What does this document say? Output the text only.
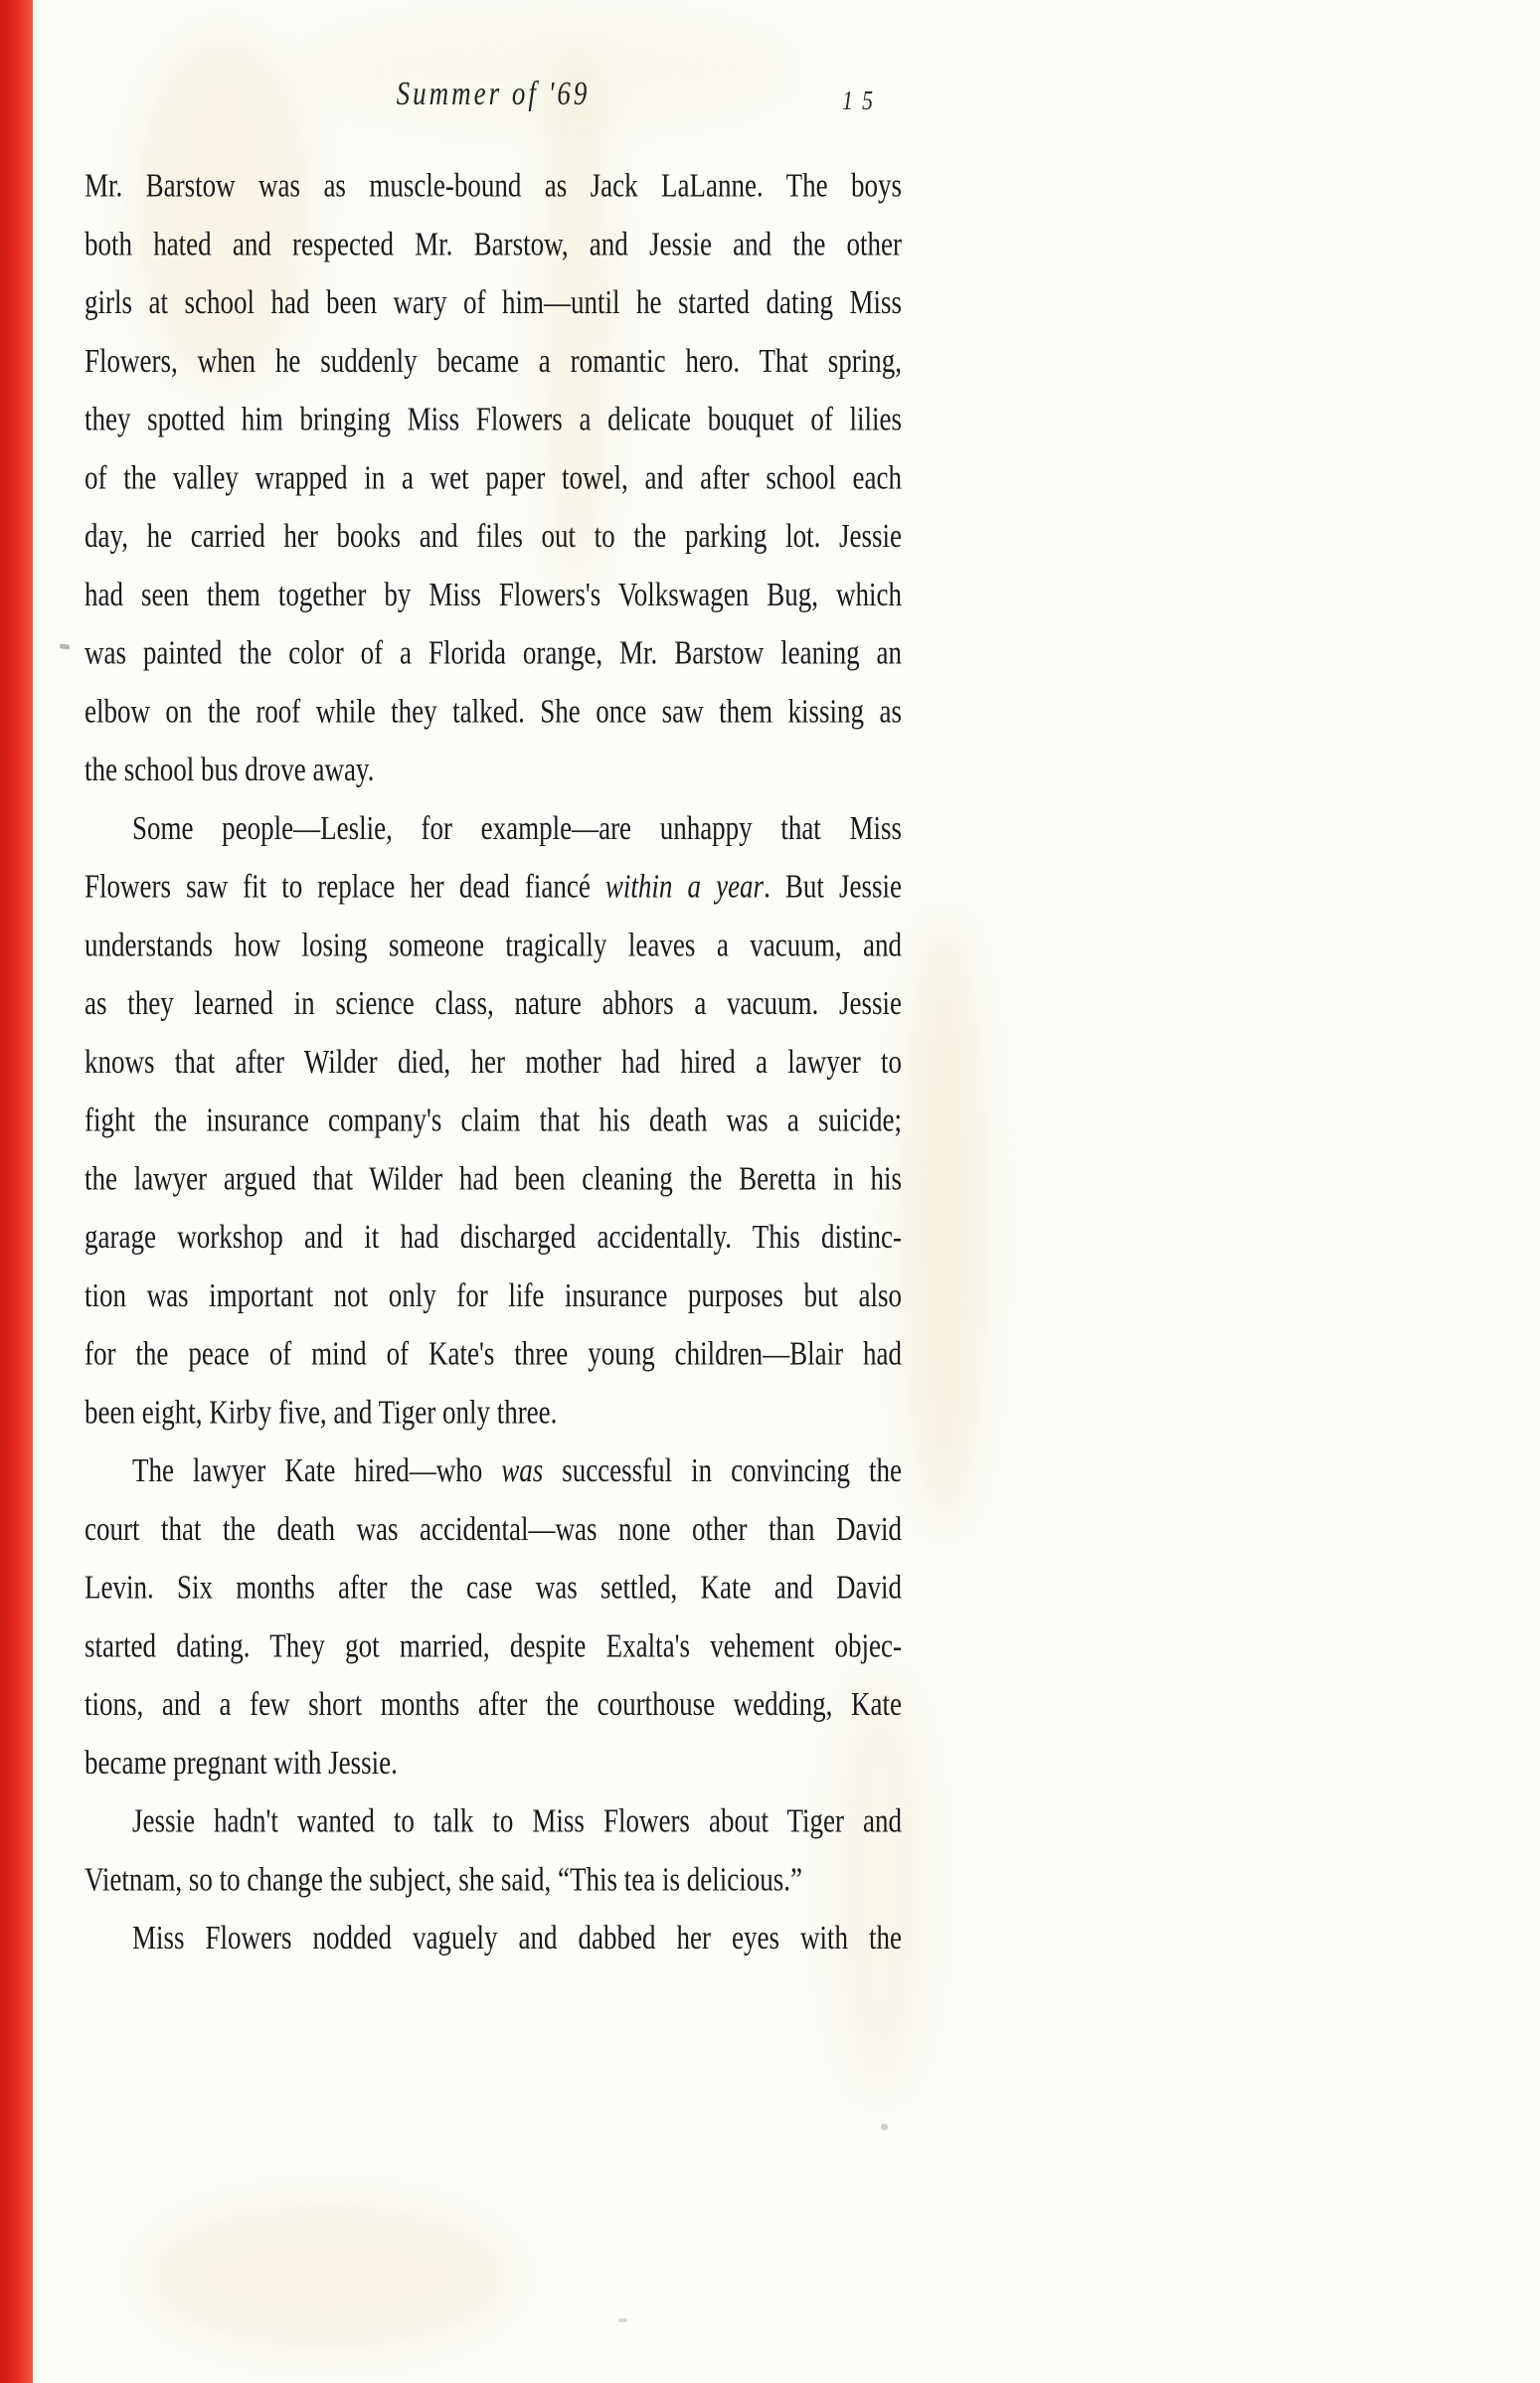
Summer of '69	15
Mr. Barstow was as muscle-bound as Jack LaLanne. The boys
both hated and respected Mr. Barstow, and Jessie and the other
girls at school had been wary of him—until he started dating Miss
Flowers, when he suddenly became a romantic hero. That spring,
they spotted him bringing Miss Flowers a delicate bouquet of lilies
of the valley wrapped in a wet paper towel, and after school each
day, he carried her books and files out to the parking lot. Jessie
had seen them together by Miss Flowers's Volkswagen Bug, which
was painted the color of a Florida orange, Mr. Barstow leaning an
elbow on the roof while they talked. She once saw them kissing as
the school bus drove away.
Some people—Leslie, for example—are unhappy that Miss
Flowers saw fit to replace her dead fiancé within a year. But Jessie
understands how losing someone tragically leaves a vacuum, and
as they learned in science class, nature abhors a vacuum. Jessie
knows that after Wilder died, her mother had hired a lawyer to
fight the insurance company's claim that his death was a suicide;
the lawyer argued that Wilder had been cleaning the Beretta in his
garage workshop and it had discharged accidentally. This distinc-
tion was important not only for life insurance purposes but also
for the peace of mind of Kate's three young children—Blair had
been eight, Kirby five, and Tiger only three.
The lawyer Kate hired—who was successful in convincing the
court that the death was accidental—was none other than David
Levin. Six months after the case was settled, Kate and David
started dating. They got married, despite Exalta's vehement objec-
tions, and a few short months after the courthouse wedding, Kate
became pregnant with Jessie.
Jessie hadn't wanted to talk to Miss Flowers about Tiger and
Vietnam, so to change the subject, she said, “This tea is delicious.”
Miss Flowers nodded vaguely and dabbed her eyes with the
